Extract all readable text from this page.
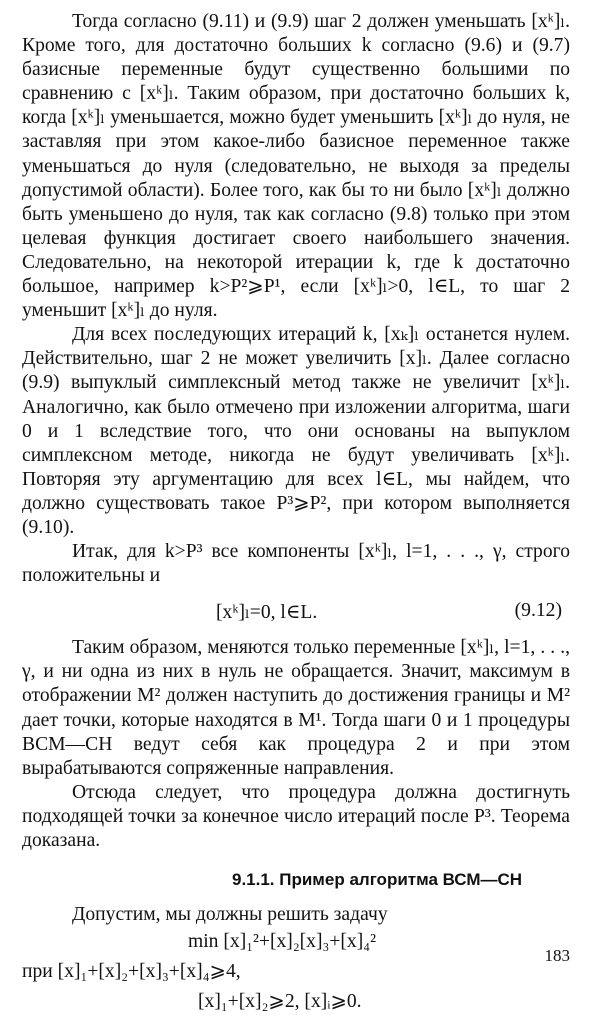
Тогда согласно (9.11) и (9.9) шаг 2 должен уменьшать [xᵏ]ₗ. Кроме того, для достаточно больших k согласно (9.6) и (9.7) базисные переменные будут существенно большими по сравнению с [xᵏ]ₗ. Таким образом, при достаточно больших k, когда [xᵏ]ₗ уменьшается, можно будет уменьшить [xᵏ]ₗ до нуля, не заставляя при этом какое-либо базисное переменное также уменьшаться до нуля (следовательно, не выходя за пределы допустимой области). Более того, как бы то ни было [xᵏ]ₗ должно быть уменьшено до нуля, так как согласно (9.8) только при этом целевая функция достигает своего наибольшего значения. Следовательно, на некоторой итерации k, где k достаточно большое, например k>P²⩾P¹, если [xᵏ]ₗ>0, l∈L, то шаг 2 уменьшит [xᵏ]ₗ до нуля.

Для всех последующих итераций k, [xₖ]ₗ останется нулем. Действительно, шаг 2 не может увеличить [x]ₗ. Далее согласно (9.9) выпуклый симплексный метод также не увеличит [xᵏ]ₗ. Аналогично, как было отмечено при изложении алгоритма, шаги 0 и 1 вследствие того, что они основаны на выпуклом симплексном методе, никогда не будут увеличивать [xᵏ]ₗ. Повторяя эту аргументацию для всех l∈L, мы найдем, что должно существовать такое P³⩾P², при котором выполняется (9.10).

Итак, для k>P³ все компоненты [xᵏ]ₗ, l=1, . . ., γ, строго положительны и

[xᵏ]ₗ=0, l∈L.	(9.12)

Таким образом, меняются только переменные [xᵏ]ₗ, l=1, . . ., γ, и ни одна из них в нуль не обращается. Значит, максимум в отображении M² должен наступить до достижения границы и M² дает точки, которые находятся в M¹. Тогда шаги 0 и 1 процедуры ВСМ—СН ведут себя как процедура 2 и при этом вырабатываются сопряженные направления.

Отсюда следует, что процедура должна достигнуть подходящей точки за конечное число итераций после P³. Теорема доказана.

9.1.1. Пример алгоритма ВСМ—СН

Допустим, мы должны решить задачу

min [x]₁²+[x]₂[x]₃+[x]₄²
при [x]₁+[x]₂+[x]₃+[x]₄⩾4,
[x]₁+[x]₂⩾2, [x]ᵢ⩾0.
183
